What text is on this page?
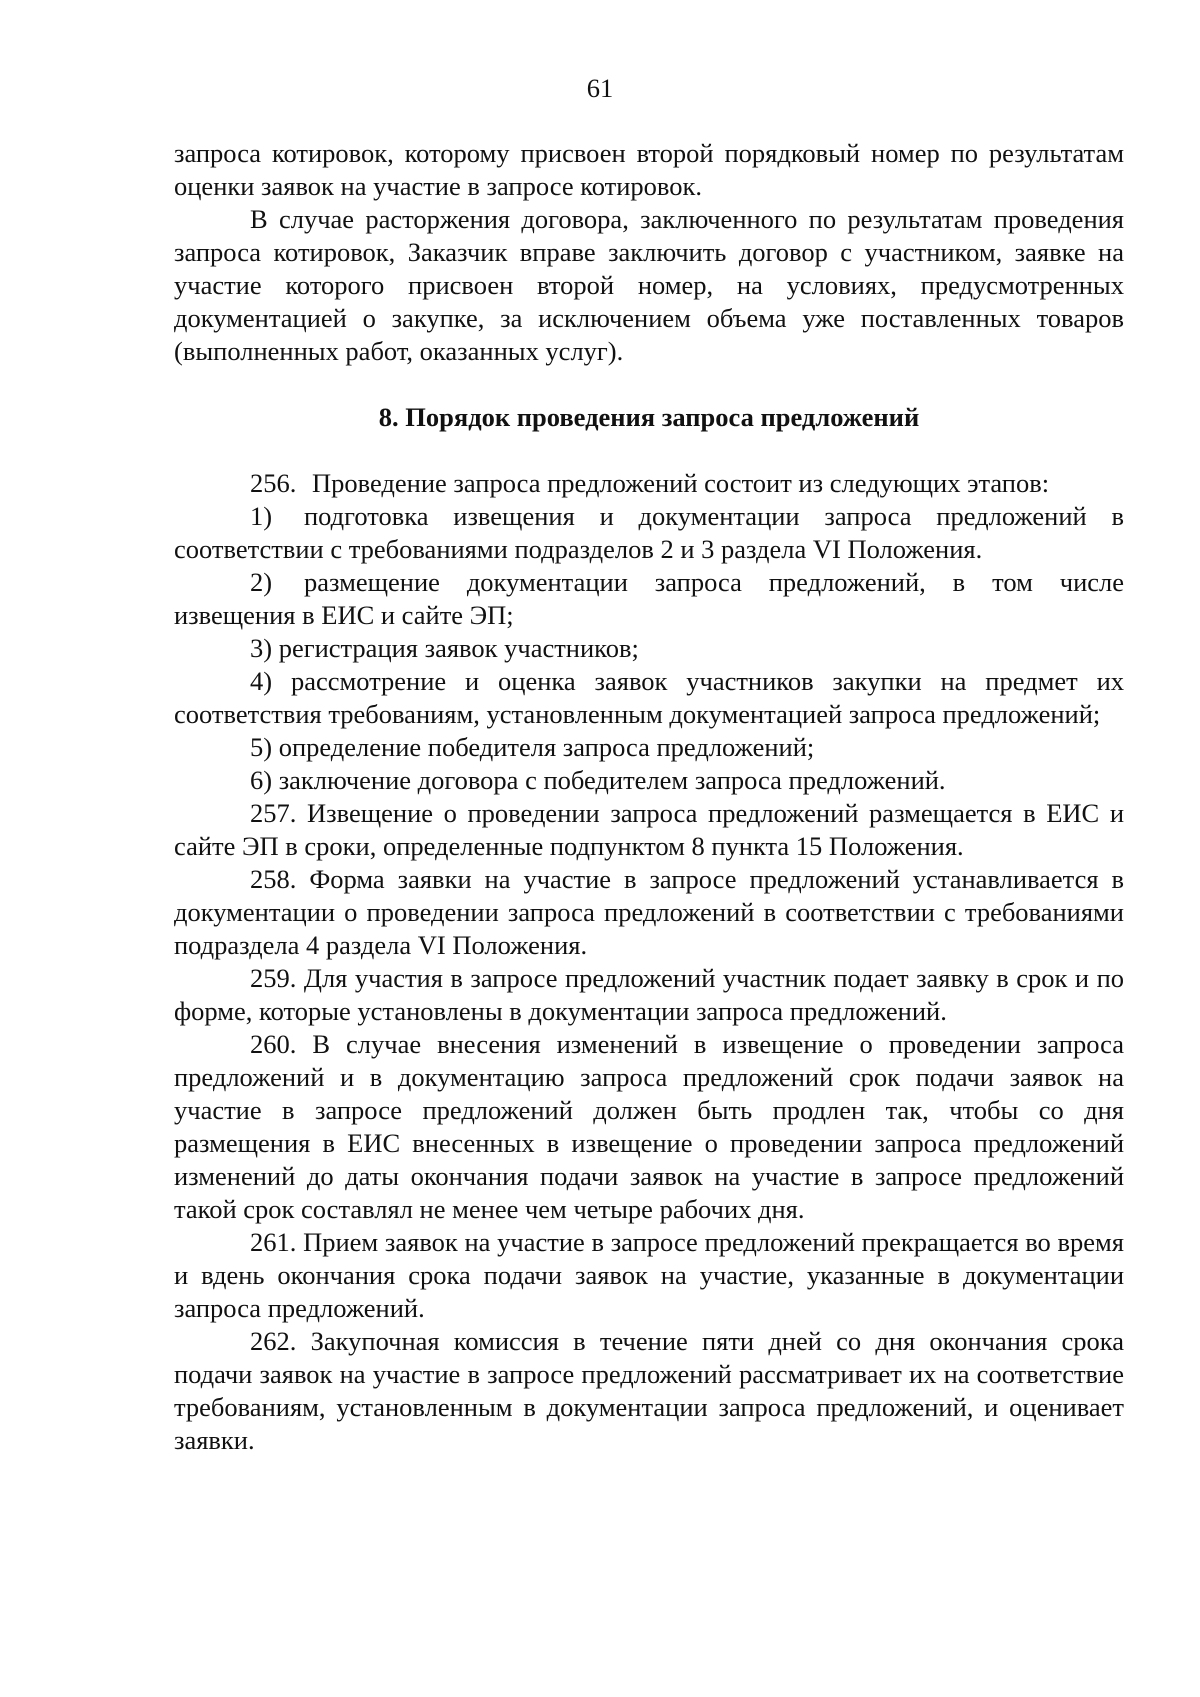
61

запроса котировок, которому присвоен второй порядковый номер по результатам оценки заявок на участие в запросе котировок.

В случае расторжения договора, заключенного по результатам проведения запроса котировок, Заказчик вправе заключить договор с участником, заявке на участие которого присвоен второй номер, на условиях, предусмотренных документацией о закупке, за исключением объема уже поставленных товаров (выполненных работ, оказанных услуг).

8. Порядок проведения запроса предложений

256. Проведение запроса предложений состоит из следующих этапов:

1) подготовка извещения и документации запроса предложений в соответствии с требованиями подразделов 2 и 3 раздела VI Положения.

2) размещение документации запроса предложений, в том числе извещения в ЕИС и сайте ЭП;

3) регистрация заявок участников;

4) рассмотрение и оценка заявок участников закупки на предмет их соответствия требованиям, установленным документацией запроса предложений;

5) определение победителя запроса предложений;

6) заключение договора с победителем запроса предложений.

257. Извещение о проведении запроса предложений размещается в ЕИС и сайте ЭП в сроки, определенные подпунктом 8 пункта 15 Положения.

258. Форма заявки на участие в запросе предложений устанавливается в документации о проведении запроса предложений в соответствии с требованиями подраздела 4 раздела VI Положения.

259. Для участия в запросе предложений участник подает заявку в срок и по форме, которые установлены в документации запроса предложений.

260. В случае внесения изменений в извещение о проведении запроса предложений и в документацию запроса предложений срок подачи заявок на участие в запросе предложений должен быть продлен так, чтобы со дня размещения в ЕИС внесенных в извещение о проведении запроса предложений изменений до даты окончания подачи заявок на участие в запросе предложений такой срок составлял не менее чем четыре рабочих дня.

261. Прием заявок на участие в запросе предложений прекращается во время и вдень окончания срока подачи заявок на участие, указанные в документации запроса предложений.

262. Закупочная комиссия в течение пяти дней со дня окончания срока подачи заявок на участие в запросе предложений рассматривает их на соответствие требованиям, установленным в документации запроса предложений, и оценивает заявки.
